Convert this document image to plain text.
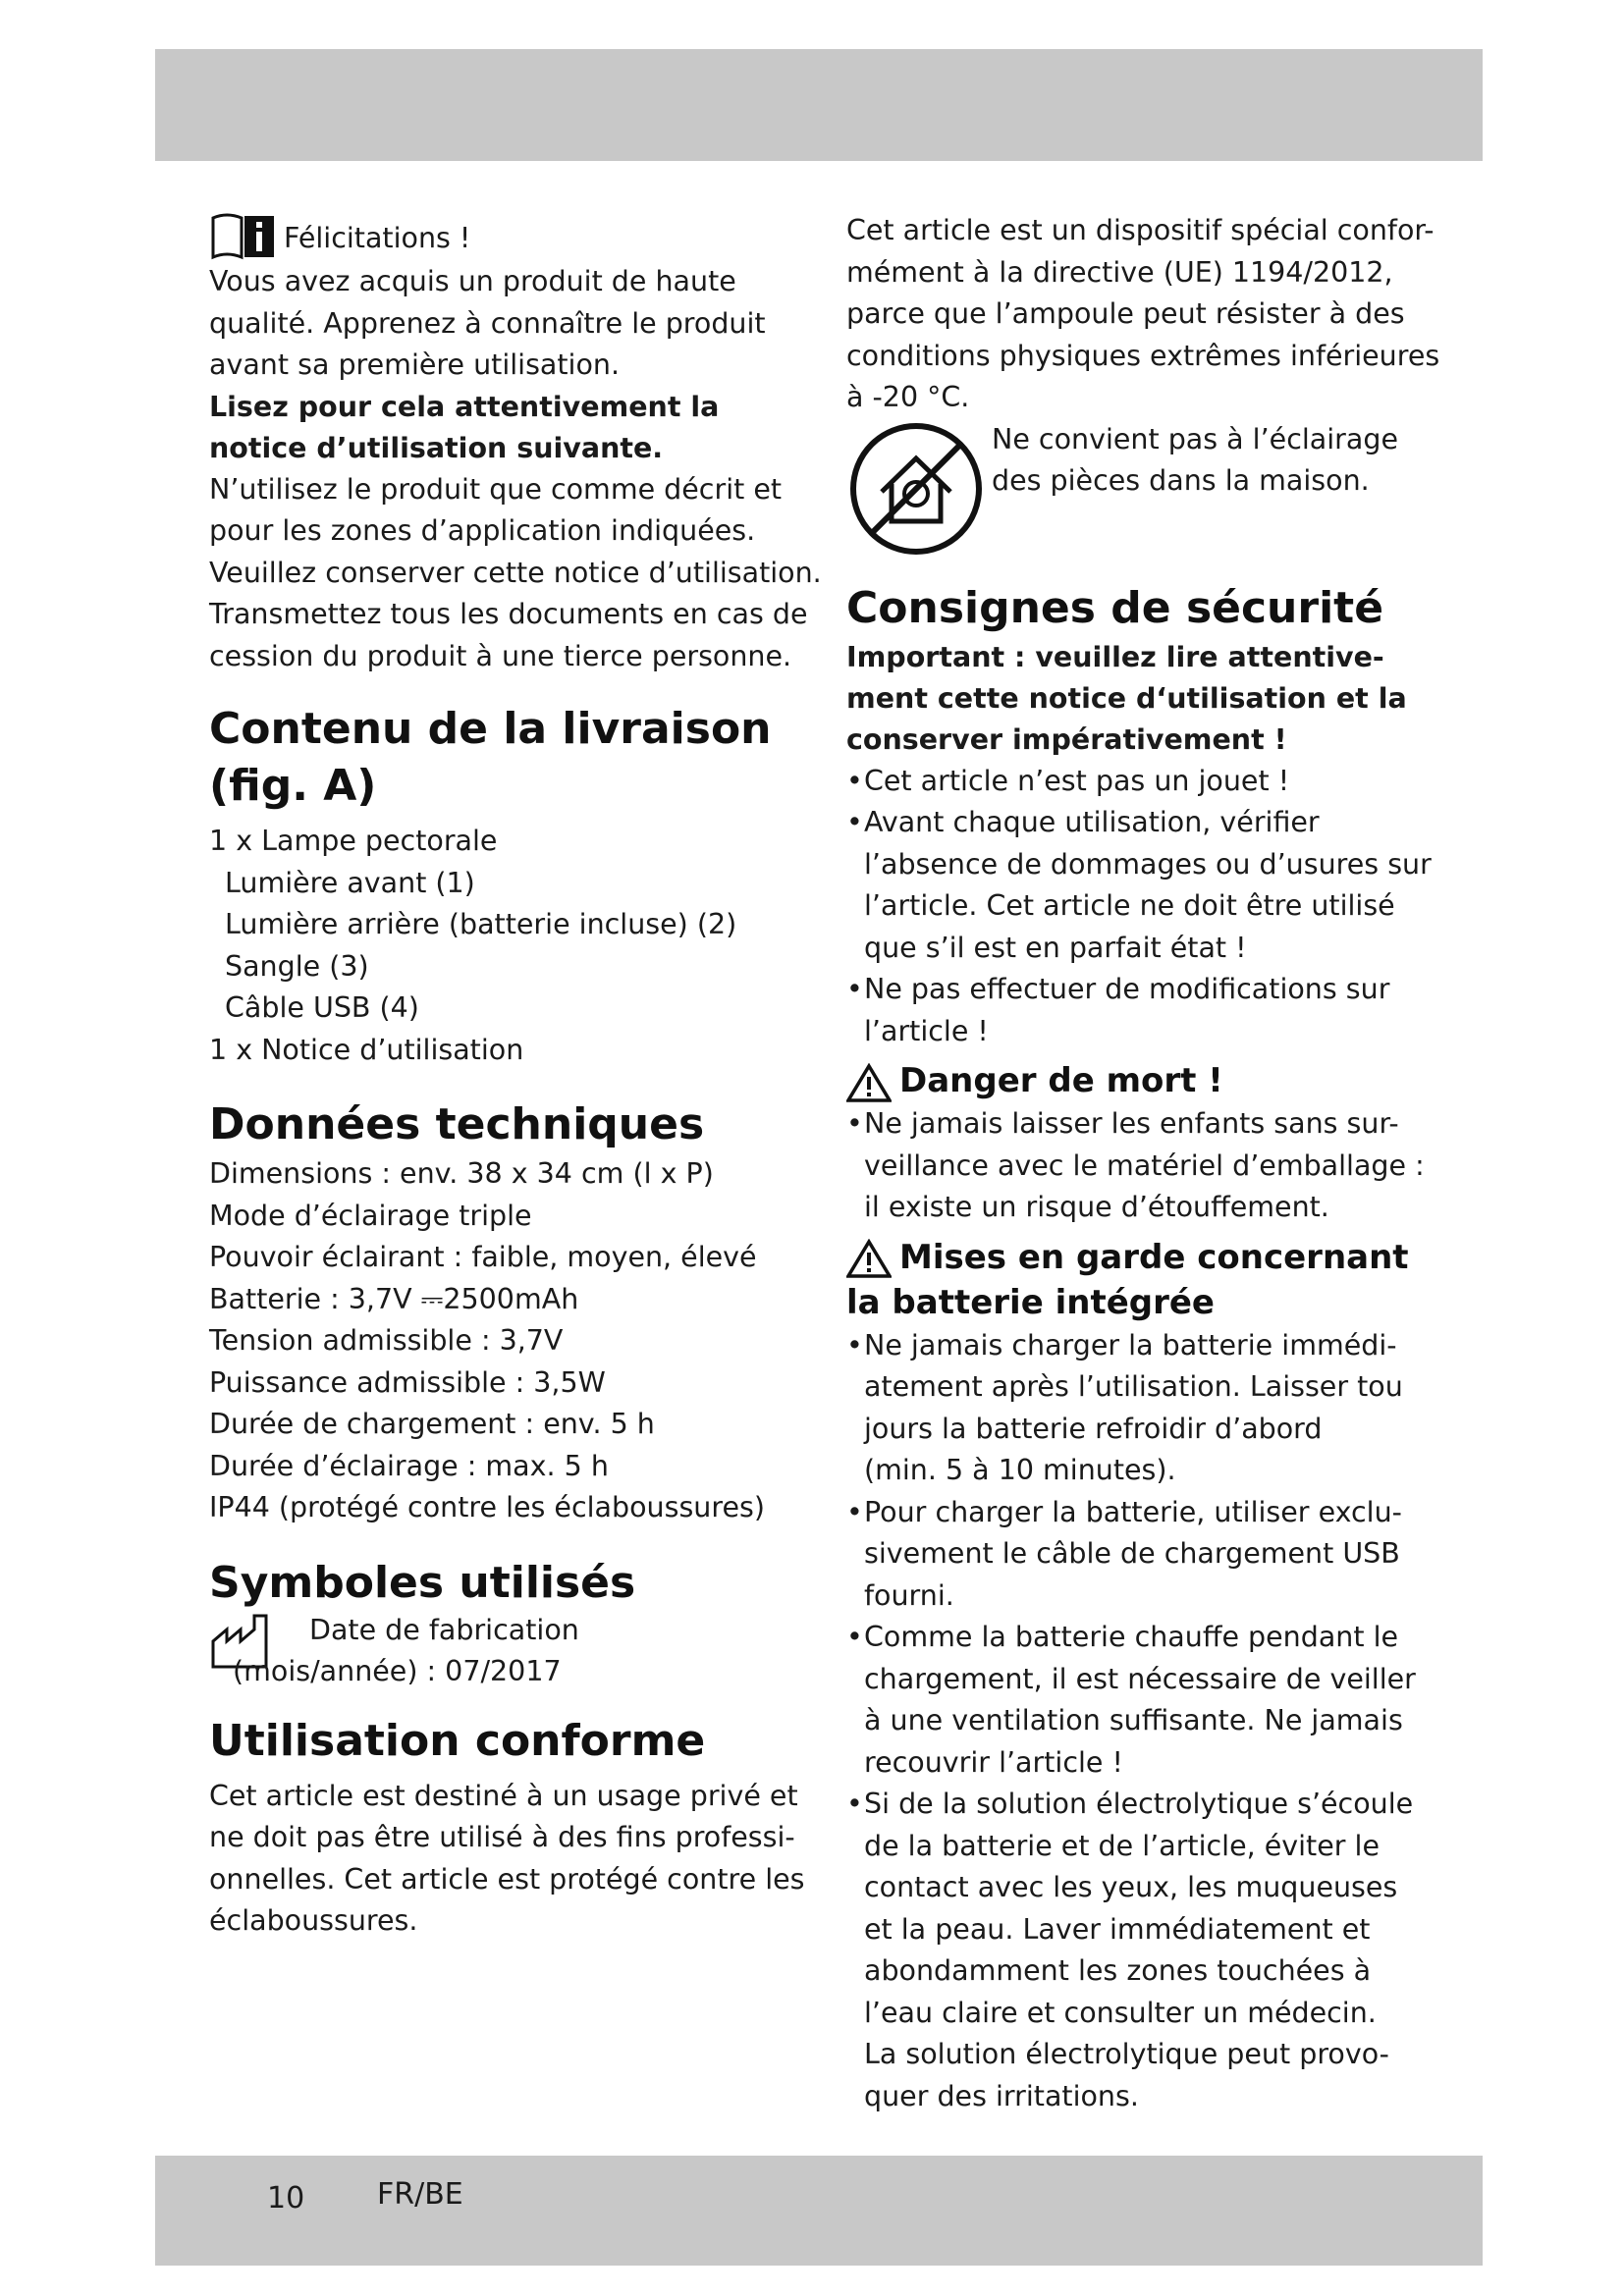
Félicitations !

Vous avez acquis un produit de haute
qualité. Apprenez à connaître le produit
avant sa première utilisation.

Lisez pour cela attentivement la
notice d’utilisation suivante.

N’utilisez le produit que comme décrit et
pour les zones d’application indiquées.
Veuillez conserver cette notice d’utilisation.
Transmettez tous les documents en cas de
cession du produit à une tierce personne.

Contenu de la livraison
(fig. A)

1 x Lampe pectorale
Lumière avant (1)
Lumière arrière (batterie incluse) (2)
Sangle (3)
Câble USB (4)
1 x Notice d’utilisation

Données techniques

Dimensions : env. 38 x 34 cm (l x P)
Mode d’éclairage triple
Pouvoir éclairant : faible, moyen, élevé
Batterie : 3,7V ⎓2500mAh
Tension admissible : 3,7V
Puissance admissible : 3,5W
Durée de chargement : env. 5 h
Durée d’éclairage : max. 5 h
IP44 (protégé contre les éclaboussures)

Symboles utilisés

Date de fabrication
(mois/année) : 07/2017

Utilisation conforme

Cet article est destiné à un usage privé et
ne doit pas être utilisé à des fins professi-
onnelles. Cet article est protégé contre les
éclaboussures.

Cet article est un dispositif spécial confor-
mément à la directive (UE) 1194/2012,
parce que l’ampoule peut résister à des
conditions physiques extrêmes inférieures
à -20 °C.

Ne convient pas à l’éclairage
des pièces dans la maison.

Consignes de sécurité

Important : veuillez lire attentive-
ment cette notice d‘utilisation et la
conserver impérativement !

• Cet article n’est pas un jouet !
• Avant chaque utilisation, vérifier
l’absence de dommages ou d’usures sur
l’article. Cet article ne doit être utilisé
que s’il est en parfait état !
• Ne pas effectuer de modifications sur
l’article !
Danger de mort !
• Ne jamais laisser les enfants sans sur-
veillance avec le matériel d’emballage :
il existe un risque d’étouffement.
Mises en garde concernant
la batterie intégrée
• Ne jamais charger la batterie immédi-
atement après l’utilisation. Laisser tou
jours la batterie refroidir d’abord
(min. 5 à 10 minutes).
• Pour charger la batterie, utiliser exclu-
sivement le câble de chargement USB
fourni.
• Comme la batterie chauffe pendant le
chargement, il est nécessaire de veiller
à une ventilation suffisante. Ne jamais
recouvrir l’article !
• Si de la solution électrolytique s’écoule
de la batterie et de l’article, éviter le
contact avec les yeux, les muqueuses
et la peau. Laver immédiatement et
abondamment les zones touchées à
l’eau claire et consulter un médecin.
La solution électrolytique peut provo-
quer des irritations.
10 FR/BE
